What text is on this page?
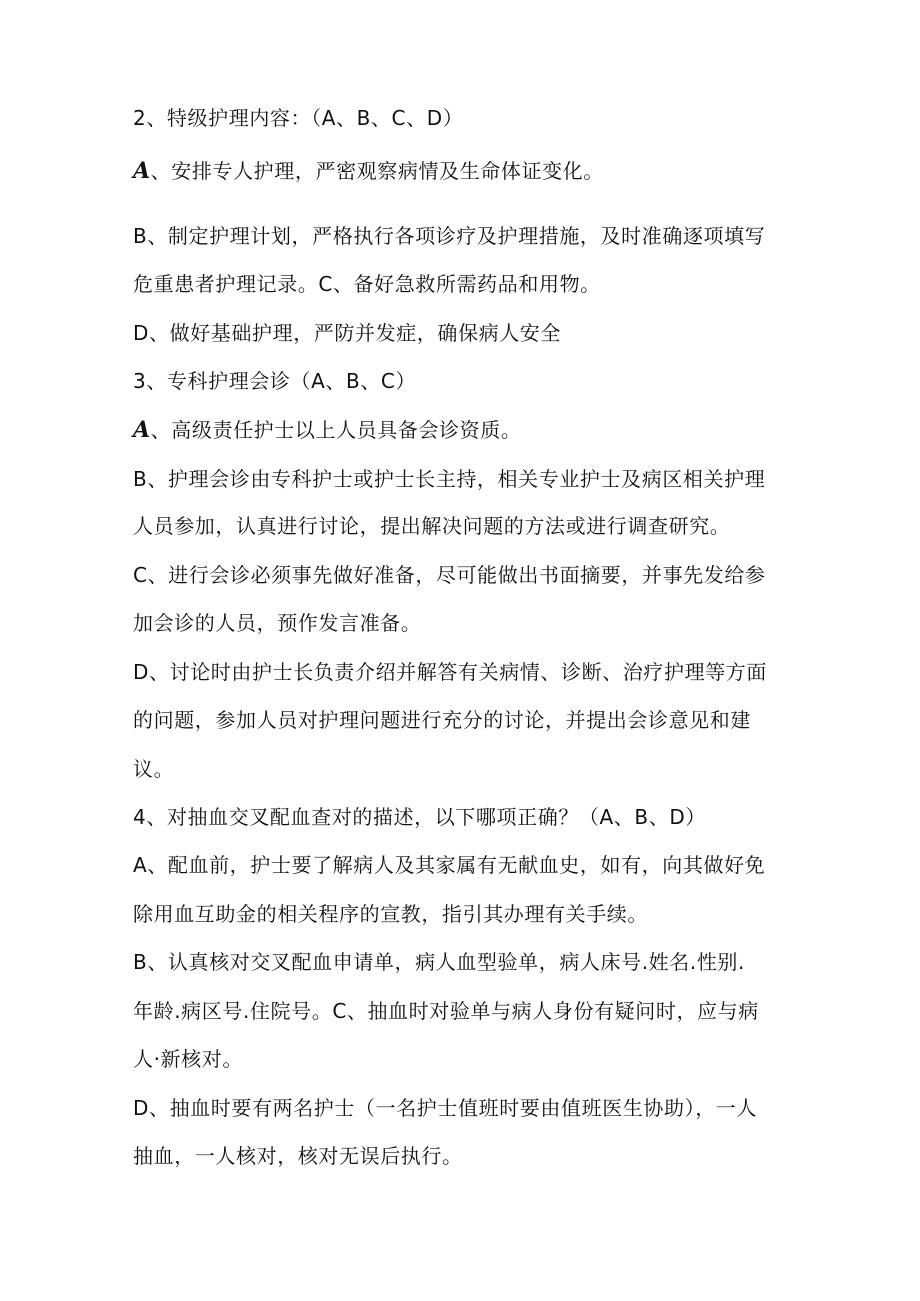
2、特级护理内容：（A、B、C、D）
A、安排专人护理，严密观察病情及生命体证变化。
B、制定护理计划，严格执行各项诊疗及护理措施，及时准确逐项填写
危重患者护理记录。C、备好急救所需药品和用物。
D、做好基础护理，严防并发症，确保病人安全
3、专科护理会诊（A、B、C）
A、高级责任护士以上人员具备会诊资质。
B、护理会诊由专科护士或护士长主持，相关专业护士及病区相关护理
人员参加，认真进行讨论，提出解决问题的方法或进行调查研究。
C、进行会诊必须事先做好准备，尽可能做出书面摘要，并事先发给参
加会诊的人员，预作发言准备。
D、讨论时由护士长负责介绍并解答有关病情、诊断、治疗护理等方面
的问题，参加人员对护理问题进行充分的讨论，并提出会诊意见和建
议。
4、对抽血交叉配血查对的描述，以下哪项正确？（A、B、D）
A、配血前，护士要了解病人及其家属有无献血史，如有，向其做好免
除用血互助金的相关程序的宣教，指引其办理有关手续。
B、认真核对交叉配血申请单，病人血型验单，病人床号.姓名.性别.
年龄.病区号.住院号。C、抽血时对验单与病人身份有疑问时，应与病
人·新核对。
D、抽血时要有两名护士（一名护士值班时要由值班医生协助），一人
抽血，一人核对，核对无误后执行。
